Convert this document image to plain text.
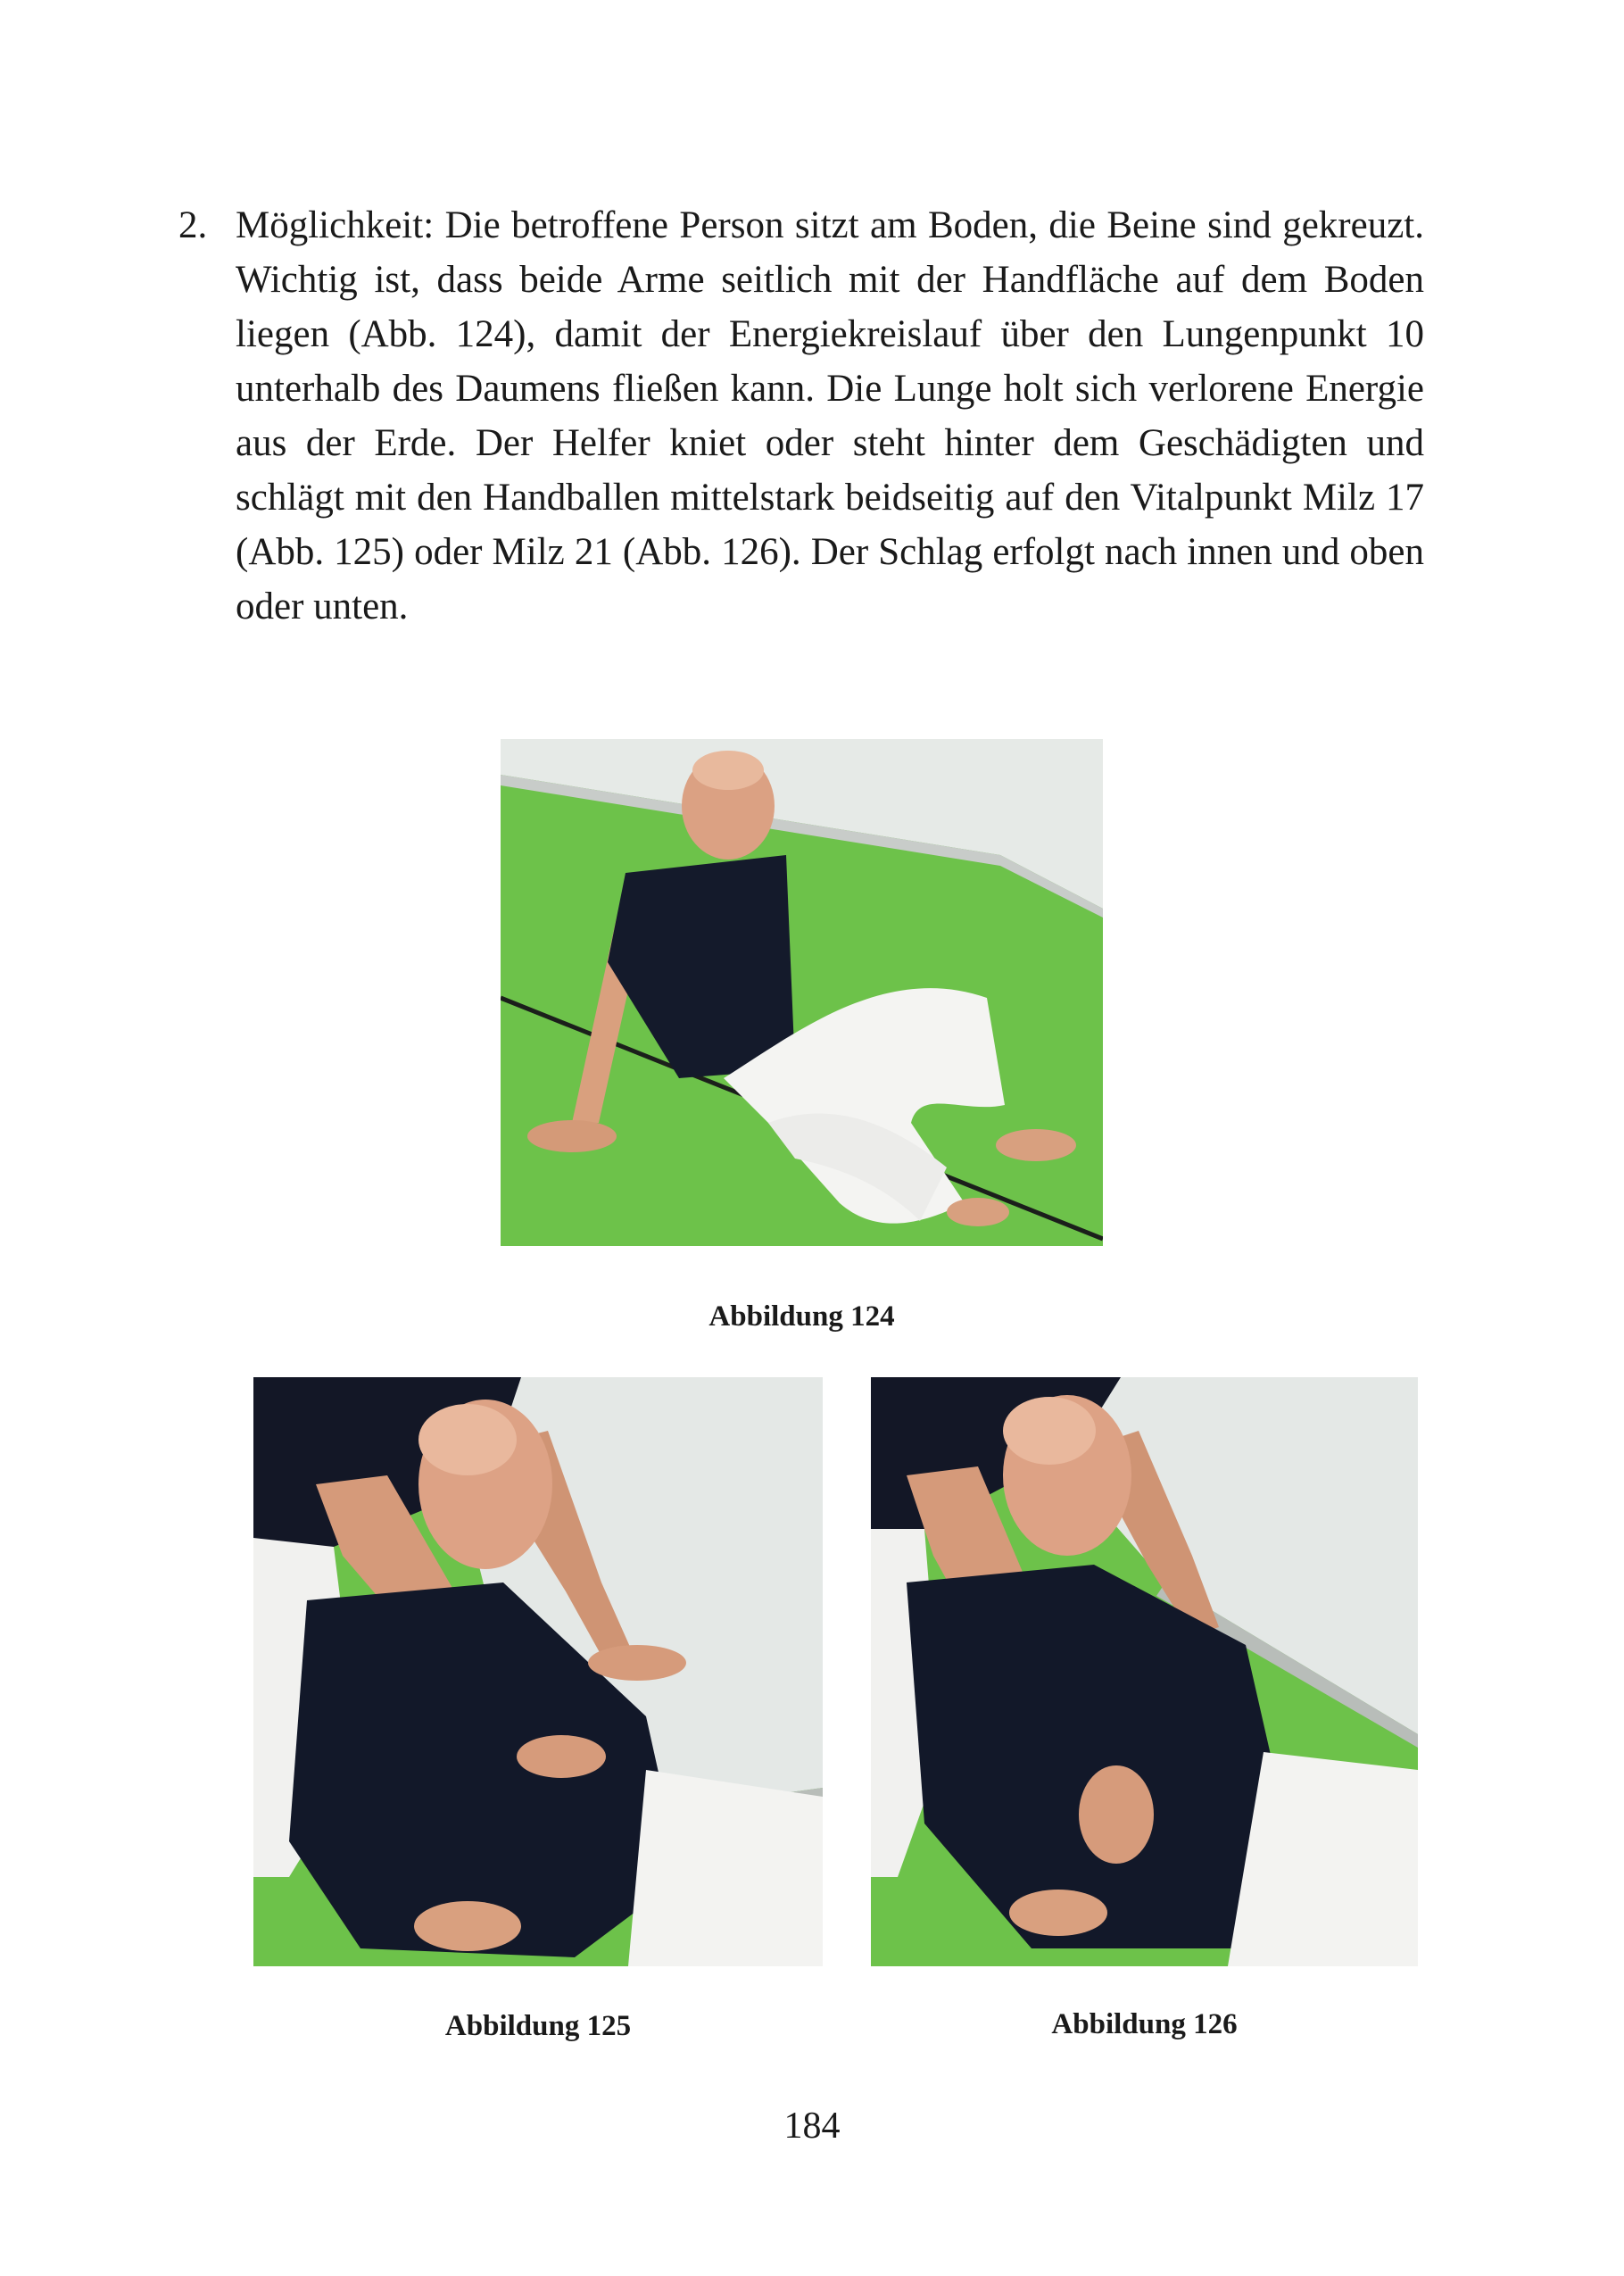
2. Möglichkeit: Die betroffene Person sitzt am Boden, die Beine sind gekreuzt. Wichtig ist, dass beide Arme seitlich mit der Handfläche auf dem Boden liegen (Abb. 124), damit der Energiekreislauf über den Lungenpunkt 10 unterhalb des Daumens fließen kann. Die Lunge holt sich verlorene Energie aus der Erde. Der Helfer kniet oder steht hinter dem Geschädigten und schlägt mit den Handballen mittelstark beidseitig auf den Vitalpunkt Milz 17 (Abb. 125) oder Milz 21 (Abb. 126). Der Schlag erfolgt nach innen und oben oder unten.
Abbildung 124
Abbildung 125	Abbildung 126
184
